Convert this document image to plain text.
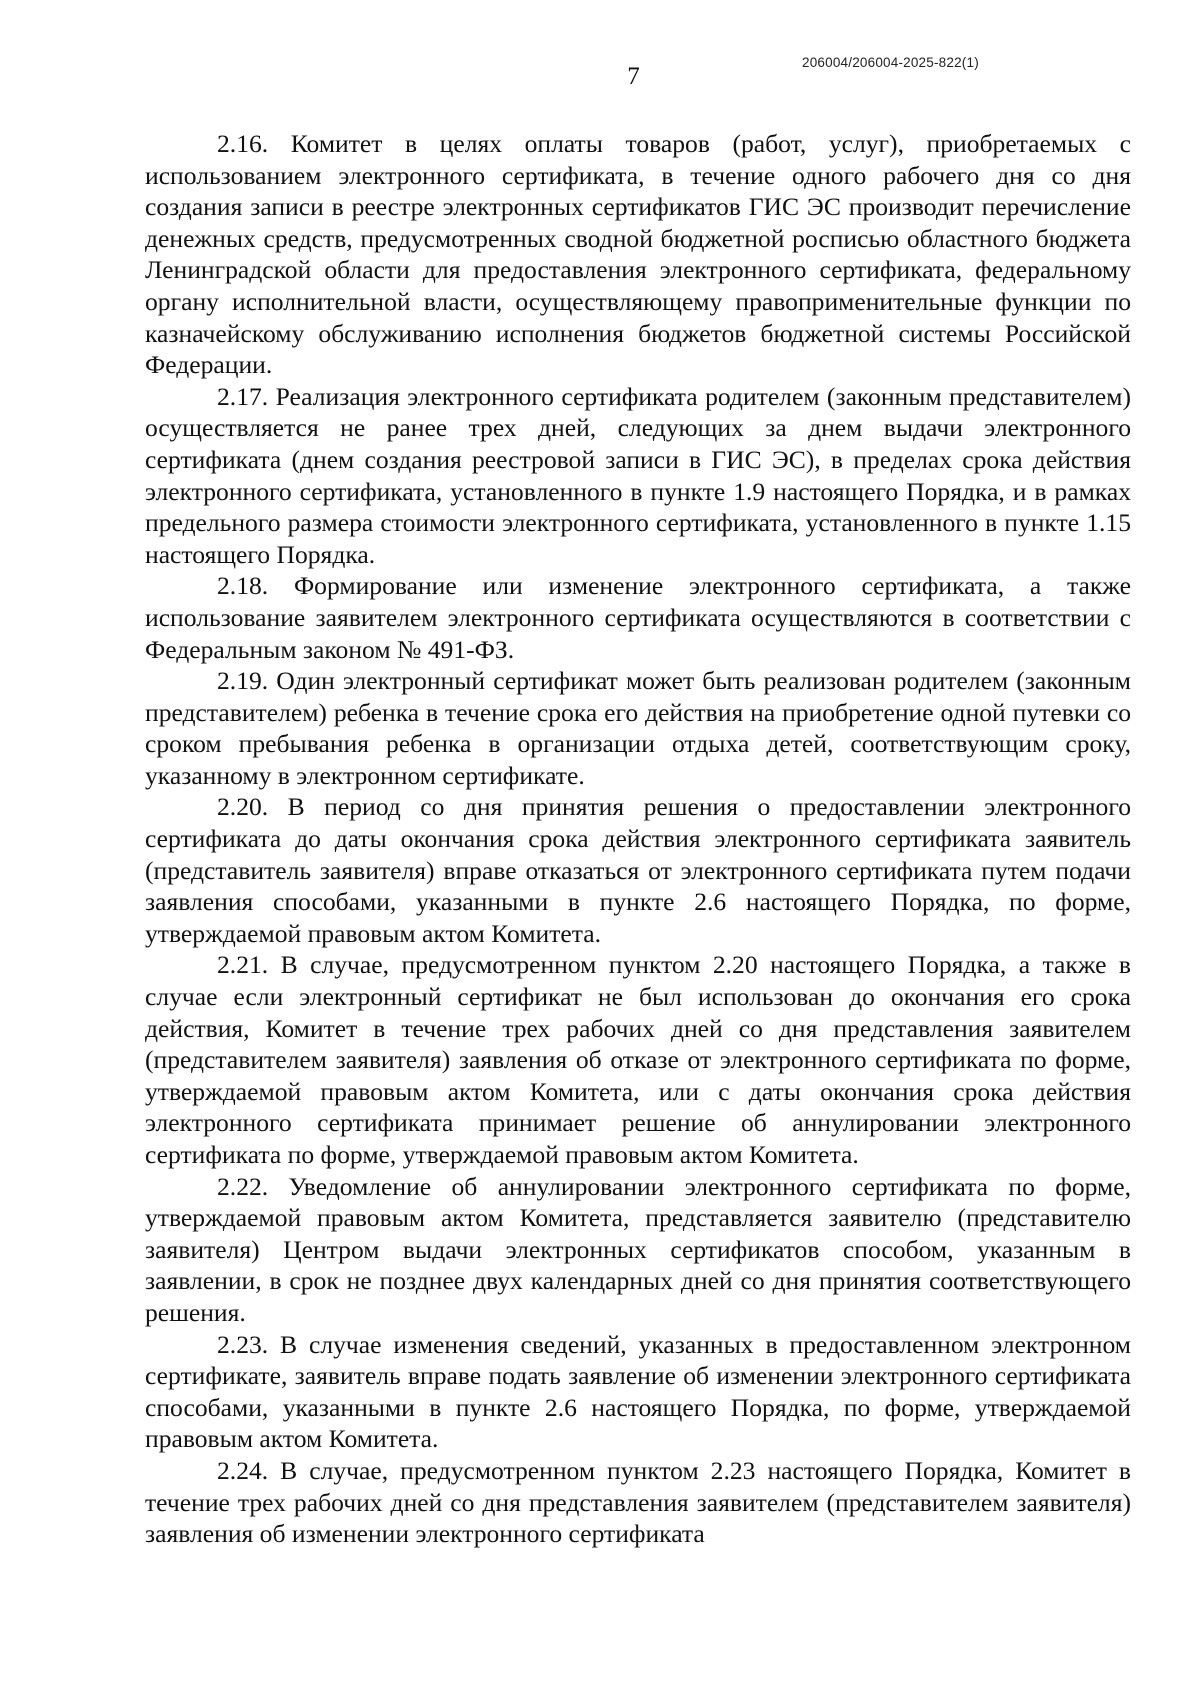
206004/206004-2025-822(1)
7

2.16. Комитет в целях оплаты товаров (работ, услуг), приобретаемых с использованием электронного сертификата, в течение одного рабочего дня со дня создания записи в реестре электронных сертификатов ГИС ЭС производит перечисление денежных средств, предусмотренных сводной бюджетной росписью областного бюджета Ленинградской области для предоставления электронного сертификата, федеральному органу исполнительной власти, осуществляющему правоприменительные функции по казначейскому обслуживанию исполнения бюджетов бюджетной системы Российской Федерации.

2.17. Реализация электронного сертификата родителем (законным представителем) осуществляется не ранее трех дней, следующих за днем выдачи электронного сертификата (днем создания реестровой записи в ГИС ЭС), в пределах срока действия электронного сертификата, установленного в пункте 1.9 настоящего Порядка, и в рамках предельного размера стоимости электронного сертификата, установленного в пункте 1.15 настоящего Порядка.

2.18. Формирование или изменение электронного сертификата, а также использование заявителем электронного сертификата осуществляются в соответствии с Федеральным законом № 491-ФЗ.

2.19. Один электронный сертификат может быть реализован родителем (законным представителем) ребенка в течение срока его действия на приобретение одной путевки со сроком пребывания ребенка в организации отдыха детей, соответствующим сроку, указанному в электронном сертификате.

2.20. В период со дня принятия решения о предоставлении электронного сертификата до даты окончания срока действия электронного сертификата заявитель (представитель заявителя) вправе отказаться от электронного сертификата путем подачи заявления способами, указанными в пункте 2.6 настоящего Порядка, по форме, утверждаемой правовым актом Комитета.

2.21. В случае, предусмотренном пунктом 2.20 настоящего Порядка, а также в случае если электронный сертификат не был использован до окончания его срока действия, Комитет в течение трех рабочих дней со дня представления заявителем (представителем заявителя) заявления об отказе от электронного сертификата по форме, утверждаемой правовым актом Комитета, или с даты окончания срока действия электронного сертификата принимает решение об аннулировании электронного сертификата по форме, утверждаемой правовым актом Комитета.

2.22. Уведомление об аннулировании электронного сертификата по форме, утверждаемой правовым актом Комитета, представляется заявителю (представителю заявителя) Центром выдачи электронных сертификатов способом, указанным в заявлении, в срок не позднее двух календарных дней со дня принятия соответствующего решения.

2.23. В случае изменения сведений, указанных в предоставленном электронном сертификате, заявитель вправе подать заявление об изменении электронного сертификата способами, указанными в пункте 2.6 настоящего Порядка, по форме, утверждаемой правовым актом Комитета.

2.24. В случае, предусмотренном пунктом 2.23 настоящего Порядка, Комитет в течение трех рабочих дней со дня представления заявителем (представителем заявителя) заявления об изменении электронного сертификата
